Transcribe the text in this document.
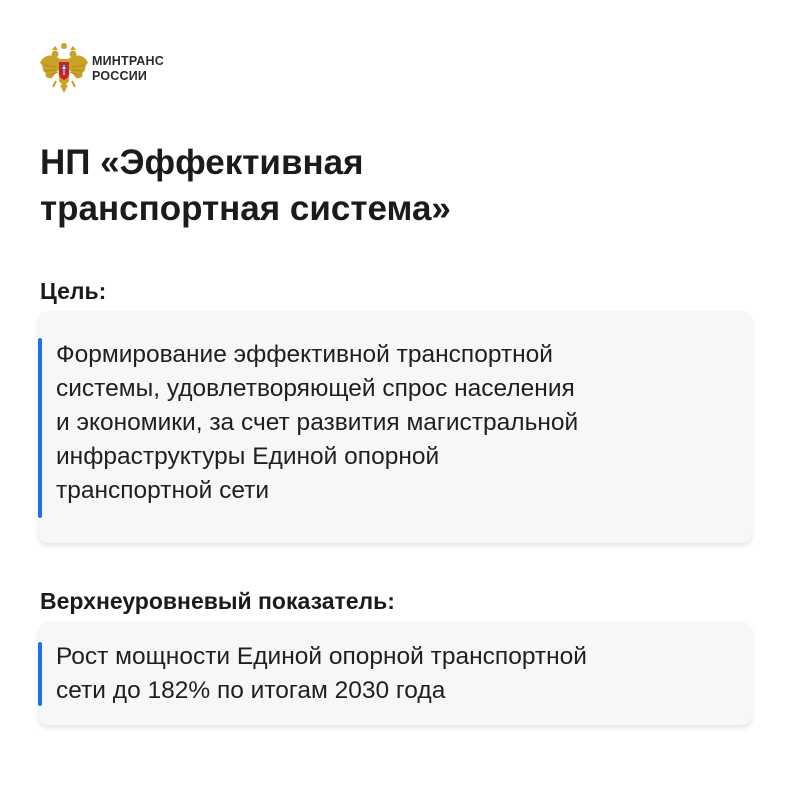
МИНТРАНС
РОССИИ
НП «Эффективная
транспортная система»
Цель:

Формирование эффективной транспортной
системы, удовлетворяющей спрос населения
и экономики, за счет развития магистральной
инфраструктуры Единой опорной
транспортной сети

Верхнеуровневый показатель:

Рост мощности Единой опорной транспортной
сети до 182% по итогам 2030 года
